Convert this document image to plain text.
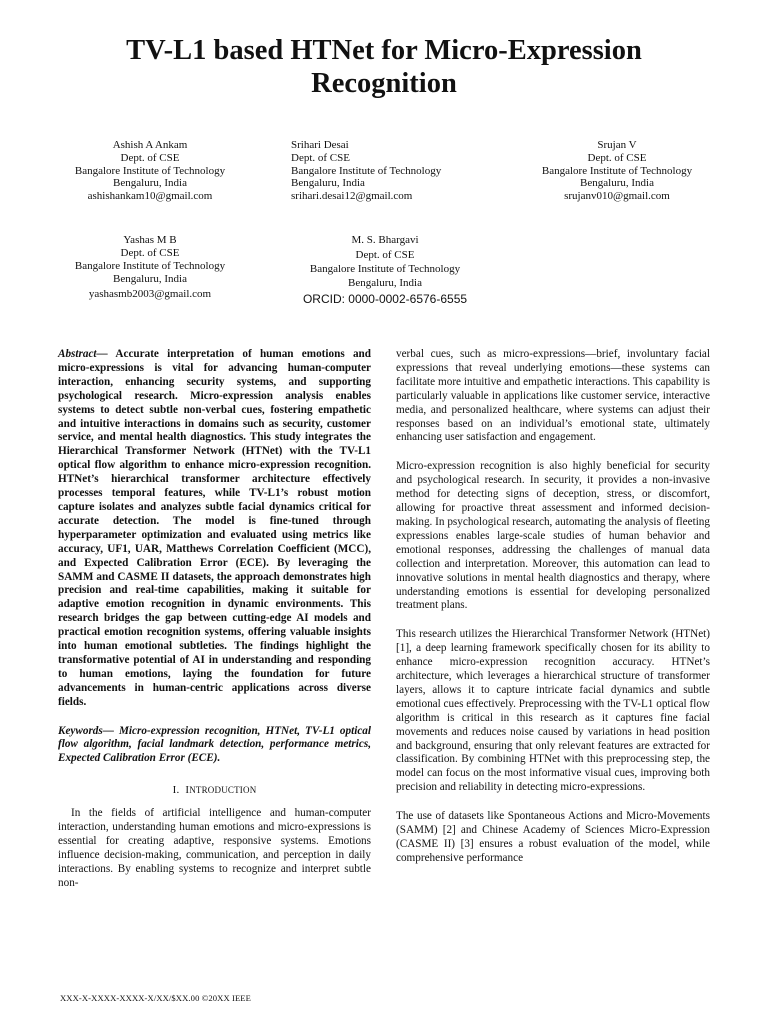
TV-L1 based HTNet for Micro-Expression Recognition
Ashish A Ankam
Dept. of CSE
Bangalore Institute of Technology
Bengaluru, India
ashishankam10@gmail.com
Srihari Desai
Dept. of CSE
Bangalore Institute of Technology
Bengaluru, India
srihari.desai12@gmail.com
Srujan V
Dept. of CSE
Bangalore Institute of Technology
Bengaluru, India
srujanv010@gmail.com
Yashas M B
Dept. of CSE
Bangalore Institute of Technology
Bengaluru, India
yashasmb2003@gmail.com
M. S. Bhargavi
Dept. of CSE
Bangalore Institute of Technology
Bengaluru, India
ORCID: 0000-0002-6576-6555

Abstract— Accurate interpretation of human emotions and micro-expressions is vital for advancing human-computer interaction, enhancing security systems, and supporting psychological research. Micro-expression analysis enables systems to detect subtle non-verbal cues, fostering empathetic and intuitive interactions in domains such as security, customer service, and mental health diagnostics. This study integrates the Hierarchical Transformer Network (HTNet) with the TV-L1 optical flow algorithm to enhance micro-expression recognition. HTNet’s hierarchical transformer architecture effectively processes temporal features, while TV-L1’s robust motion capture isolates and analyzes subtle facial dynamics critical for accurate detection. The model is fine-tuned through hyperparameter optimization and evaluated using metrics like accuracy, UF1, UAR, Matthews Correlation Coefficient (MCC), and Expected Calibration Error (ECE). By leveraging the SAMM and CASME II datasets, the approach demonstrates high precision and real-time capabilities, making it suitable for adaptive emotion recognition in dynamic environments. This research bridges the gap between cutting-edge AI models and practical emotion recognition systems, offering valuable insights into human emotional subtleties. The findings highlight the transformative potential of AI in understanding and responding to human emotions, laying the foundation for future advancements in human-centric applications across diverse fields.

Keywords— Micro-expression recognition, HTNet, TV-L1 optical flow algorithm, facial landmark detection, performance metrics, Expected Calibration Error (ECE).

I. INTRODUCTION

In the fields of artificial intelligence and human-computer interaction, understanding human emotions and micro-expressions is essential for creating adaptive, responsive systems. Emotions influence decision-making, communication, and perception in daily interactions. By enabling systems to recognize and interpret subtle non-

verbal cues, such as micro-expressions—brief, involuntary facial expressions that reveal underlying emotions—these systems can facilitate more intuitive and empathetic interactions. This capability is particularly valuable in applications like customer service, interactive media, and personalized healthcare, where systems can adjust their responses based on an individual’s emotional state, ultimately enhancing user satisfaction and engagement.

Micro-expression recognition is also highly beneficial for security and psychological research. In security, it provides a non-invasive method for detecting signs of deception, stress, or discomfort, allowing for proactive threat assessment and informed decision-making. In psychological research, automating the analysis of fleeting expressions enables large-scale studies of human behavior and emotional responses, addressing the challenges of manual data collection and interpretation. Moreover, this automation can lead to innovative solutions in mental health diagnostics and therapy, where understanding emotions is essential for developing personalized treatment plans.

This research utilizes the Hierarchical Transformer Network (HTNet) [1], a deep learning framework specifically chosen for its ability to enhance micro-expression recognition accuracy. HTNet’s architecture, which leverages a hierarchical structure of transformer layers, allows it to capture intricate facial dynamics and subtle emotional cues effectively. Preprocessing with the TV-L1 optical flow algorithm is critical in this research as it captures fine facial movements and reduces noise caused by variations in head position and background, ensuring that only relevant features are extracted for classification. By combining HTNet with this preprocessing step, the model can focus on the most informative visual cues, improving both precision and reliability in detecting micro-expressions.

The use of datasets like Spontaneous Actions and Micro-Movements (SAMM) [2] and Chinese Academy of Sciences Micro-Expression (CASME II) [3] ensures a robust evaluation of the model, while comprehensive performance

XXX-X-XXXX-XXXX-X/XX/$XX.00 ©20XX IEEE
